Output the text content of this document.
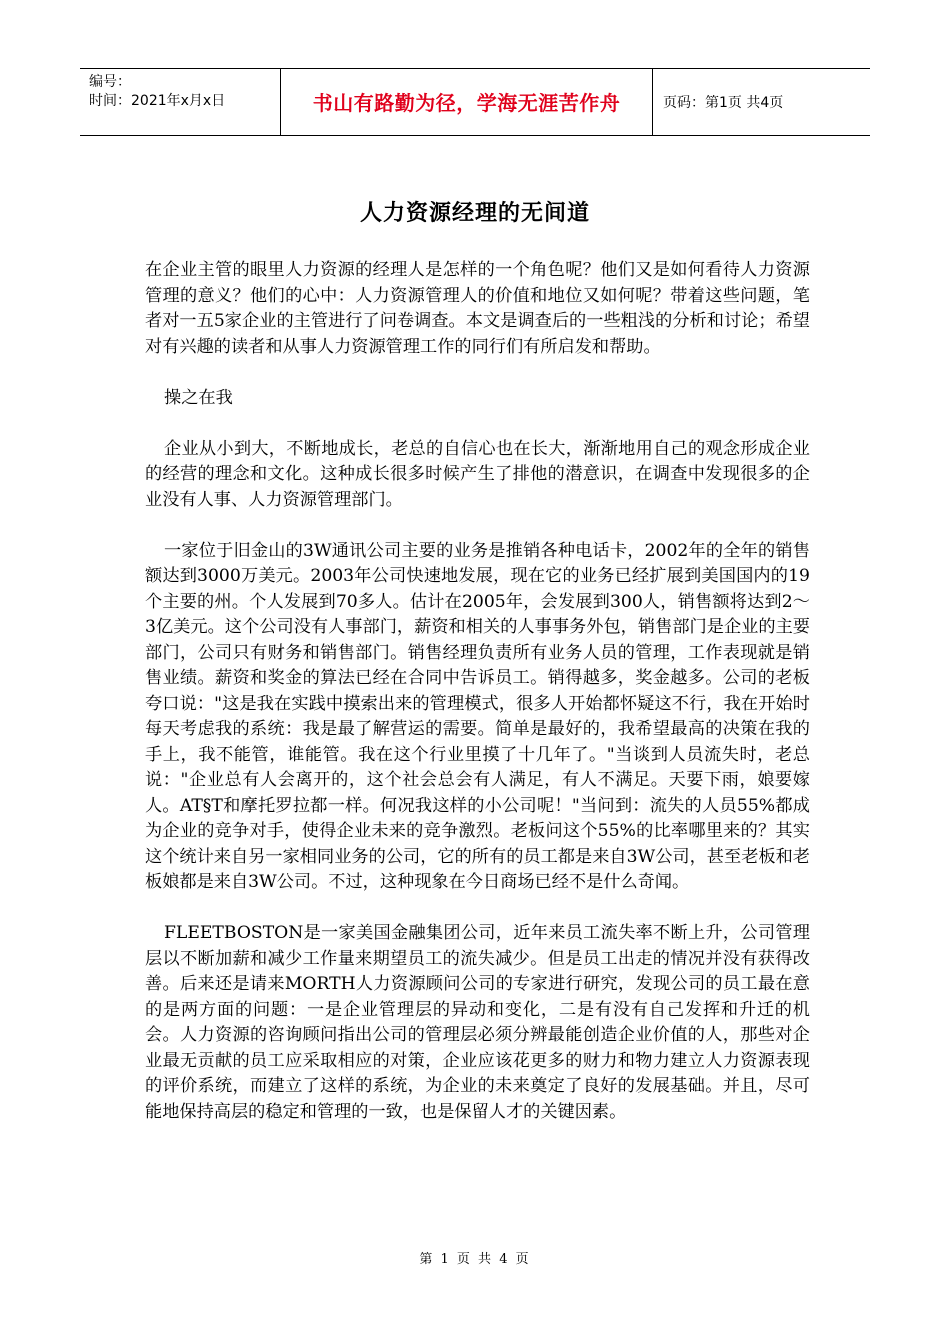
编号：
时间：2021年x月x日	书山有路勤为径，学海无涯苦作舟	页码：第1页 共4页
人力资源经理的无间道

在企业主管的眼里人力资源的经理人是怎样的一个角色呢？他们又是如何看待人力资源管理的意义？他们的心中：人力资源管理人的价值和地位又如何呢？带着这些问题，笔者对一五5家企业的主管进行了问卷调查。本文是调查后的一些粗浅的分析和讨论；希望对有兴趣的读者和从事人力资源管理工作的同行们有所启发和帮助。

操之在我

企业从小到大，不断地成长，老总的自信心也在长大，渐渐地用自己的观念形成企业的经营的理念和文化。这种成长很多时候产生了排他的潜意识，在调查中发现很多的企业没有人事、人力资源管理部门。

一家位于旧金山的3W通讯公司主要的业务是推销各种电话卡，2002年的全年的销售额达到3000万美元。2003年公司快速地发展，现在它的业务已经扩展到美国国内的19个主要的州。个人发展到70多人。估计在2005年，会发展到300人，销售额将达到2～3亿美元。这个公司没有人事部门，薪资和相关的人事事务外包，销售部门是企业的主要部门，公司只有财务和销售部门。销售经理负责所有业务人员的管理，工作表现就是销售业绩。薪资和奖金的算法已经在合同中告诉员工。销得越多，奖金越多。公司的老板夸口说："这是我在实践中摸索出来的管理模式，很多人开始都怀疑这不行，我在开始时每天考虑我的系统：我是最了解营运的需要。简单是最好的，我希望最高的决策在我的手上，我不能管，谁能管。我在这个行业里摸了十几年了。"当谈到人员流失时，老总说："企业总有人会离开的，这个社会总会有人满足，有人不满足。天要下雨，娘要嫁人。AT§T和摩托罗拉都一样。何况我这样的小公司呢！"当问到：流失的人员55%都成为企业的竞争对手，使得企业未来的竞争激烈。老板问这个55%的比率哪里来的？其实这个统计来自另一家相同业务的公司，它的所有的员工都是来自3W公司，甚至老板和老板娘都是来自3W公司。不过，这种现象在今日商场已经不是什么奇闻。

FLEETBOSTON是一家美国金融集团公司，近年来员工流失率不断上升，公司管理层以不断加薪和减少工作量来期望员工的流失减少。但是员工出走的情况并没有获得改善。后来还是请来MORTH人力资源顾问公司的专家进行研究，发现公司的员工最在意的是两方面的问题：一是企业管理层的异动和变化，二是有没有自己发挥和升迁的机会。人力资源的咨询顾问指出公司的管理层必须分辨最能创造企业价值的人，那些对企业最无贡献的员工应采取相应的对策，企业应该花更多的财力和物力建立人力资源表现的评价系统，而建立了这样的系统，为企业的未来奠定了良好的发展基础。并且，尽可能地保持高层的稳定和管理的一致，也是保留人才的关键因素。

第 1 页 共 4 页
